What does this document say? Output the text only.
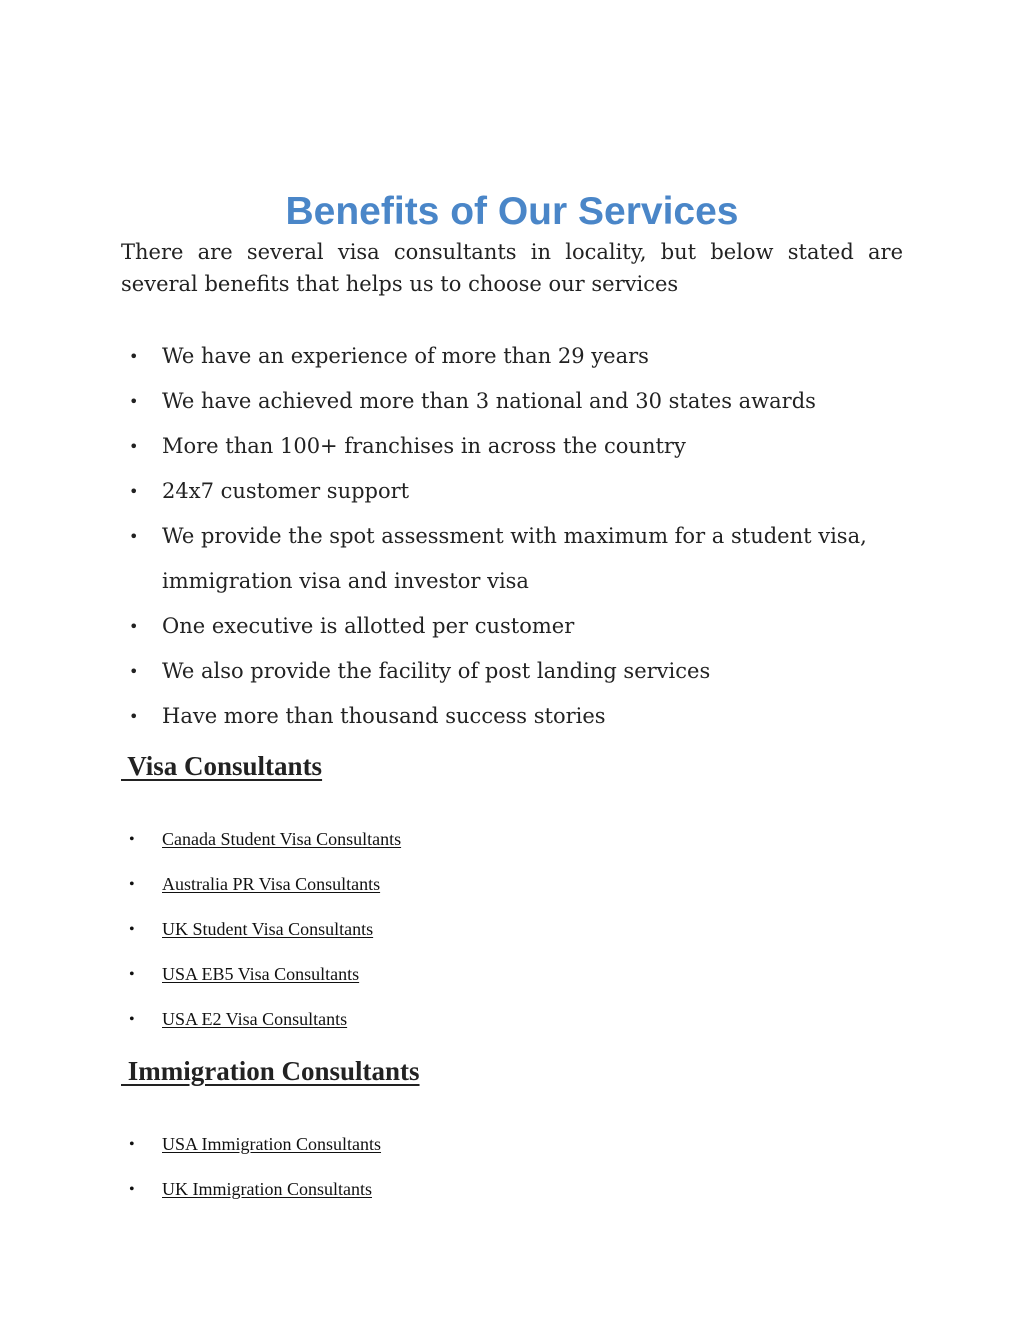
Benefits of Our Services

There are several visa consultants in locality, but below stated are several benefits that helps us to choose our services

• We have an experience of more than 29 years
• We have achieved more than 3 national and 30 states awards
• More than 100+ franchises in across the country
• 24x7 customer support
• We provide the spot assessment with maximum for a student visa, immigration visa and investor visa
• One executive is allotted per customer
• We also provide the facility of post landing services
• Have more than thousand success stories
Visa Consultants
• Canada Student Visa Consultants
• Australia PR Visa Consultants
• UK Student Visa Consultants
• USA EB5 Visa Consultants
• USA E2 Visa Consultants
Immigration Consultants
• USA Immigration Consultants
• UK Immigration Consultants
